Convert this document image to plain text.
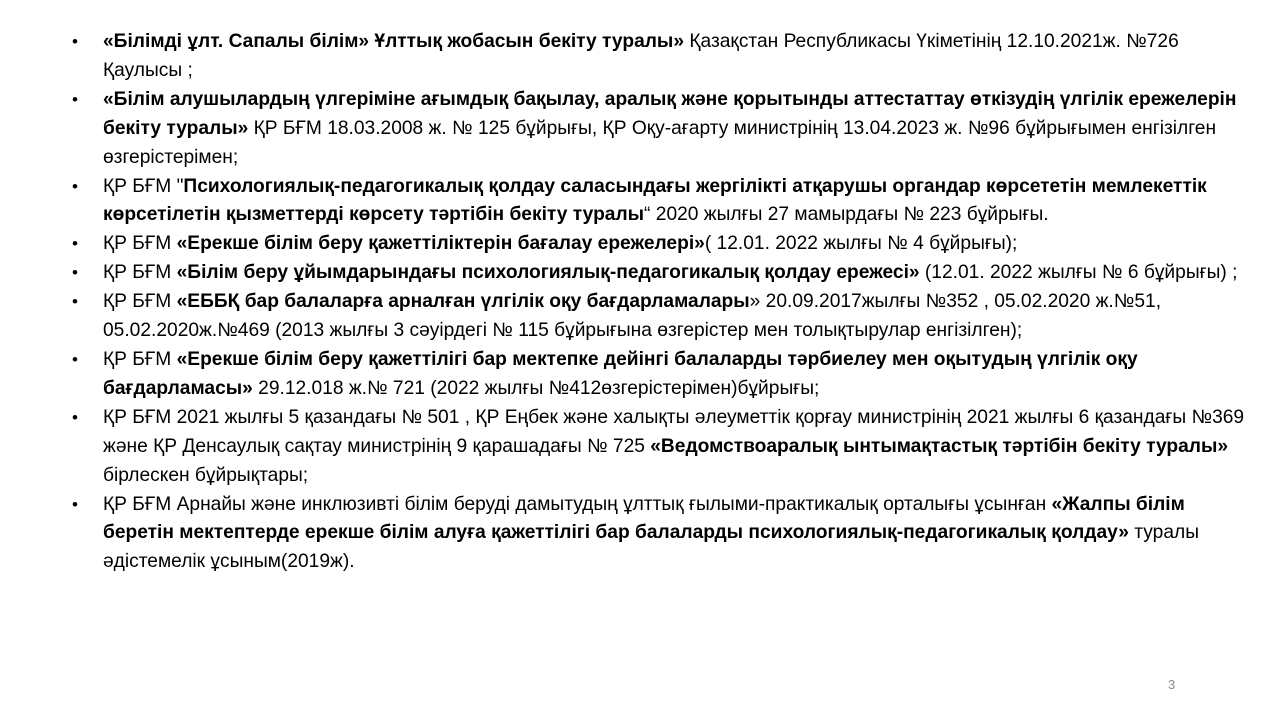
• «Білімді ұлт. Сапалы білім» Ұлттық жобасын бекіту туралы» Қазақстан Республикасы Үкіметінің 12.10.2021ж. №726 Қаулысы ;
• «Білім алушылардың үлгеріміне ағымдық бақылау, аралық және қорытынды аттестаттау өткізудің үлгілік ережелерін бекіту туралы» ҚР БҒМ 18.03.2008 ж. № 125 бұйрығы, ҚР Оқу-ағарту министрінің 13.04.2023 ж. №96 бұйрығымен енгізілген өзгерістерімен;
• ҚР БҒМ "Психологиялық-педагогикалық қолдау саласындағы жергілікті атқарушы органдар көрсететін мемлекеттік көрсетілетін қызметтерді көрсету тәртібін бекіту туралы“ 2020 жылғы 27 мамырдағы № 223 бұйрығы.
• ҚР БҒМ «Ерекше білім беру қажеттіліктерін бағалау ережелері»( 12.01. 2022 жылғы № 4 бұйрығы);
• ҚР БҒМ «Білім беру ұйымдарындағы психологиялық-педагогикалық қолдау ережесі» (12.01. 2022 жылғы № 6 бұйрығы) ;
• ҚР БҒМ «ЕББҚ бар балаларға арналған үлгілік оқу бағдарламалары» 20.09.2017жылғы №352 , 05.02.2020 ж.№51, 05.02.2020ж.№469 (2013 жылғы 3 сәуірдегі № 115 бұйрығына өзгерістер мен толықтырулар енгізілген);
• ҚР БҒМ «Ерекше білім беру қажеттілігі бар мектепке дейінгі балаларды тәрбиелеу мен оқытудың үлгілік оқу бағдарламасы» 29.12.018 ж.№ 721 (2022 жылғы №412өзгерістерімен)бұйрығы;
• ҚР БҒМ 2021 жылғы 5 қазандағы № 501 , ҚР Еңбек және халықты әлеуметтік қорғау министрінің 2021 жылғы 6 қазандағы №369 және ҚР Денсаулық сақтау министрінің 9 қарашадағы № 725 «Ведомствоаралық ынтымақтастық тәртібін бекіту туралы» бірлескен бұйрықтары;
• ҚР БҒМ Арнайы және инклюзивті білім беруді дамытудың ұлттық ғылыми-практикалық орталығы ұсынған «Жалпы білім беретін мектептерде ерекше білім алуға қажеттілігі бар балаларды психологиялық-педагогикалық қолдау» туралы әдістемелік ұсыным(2019ж).
3
